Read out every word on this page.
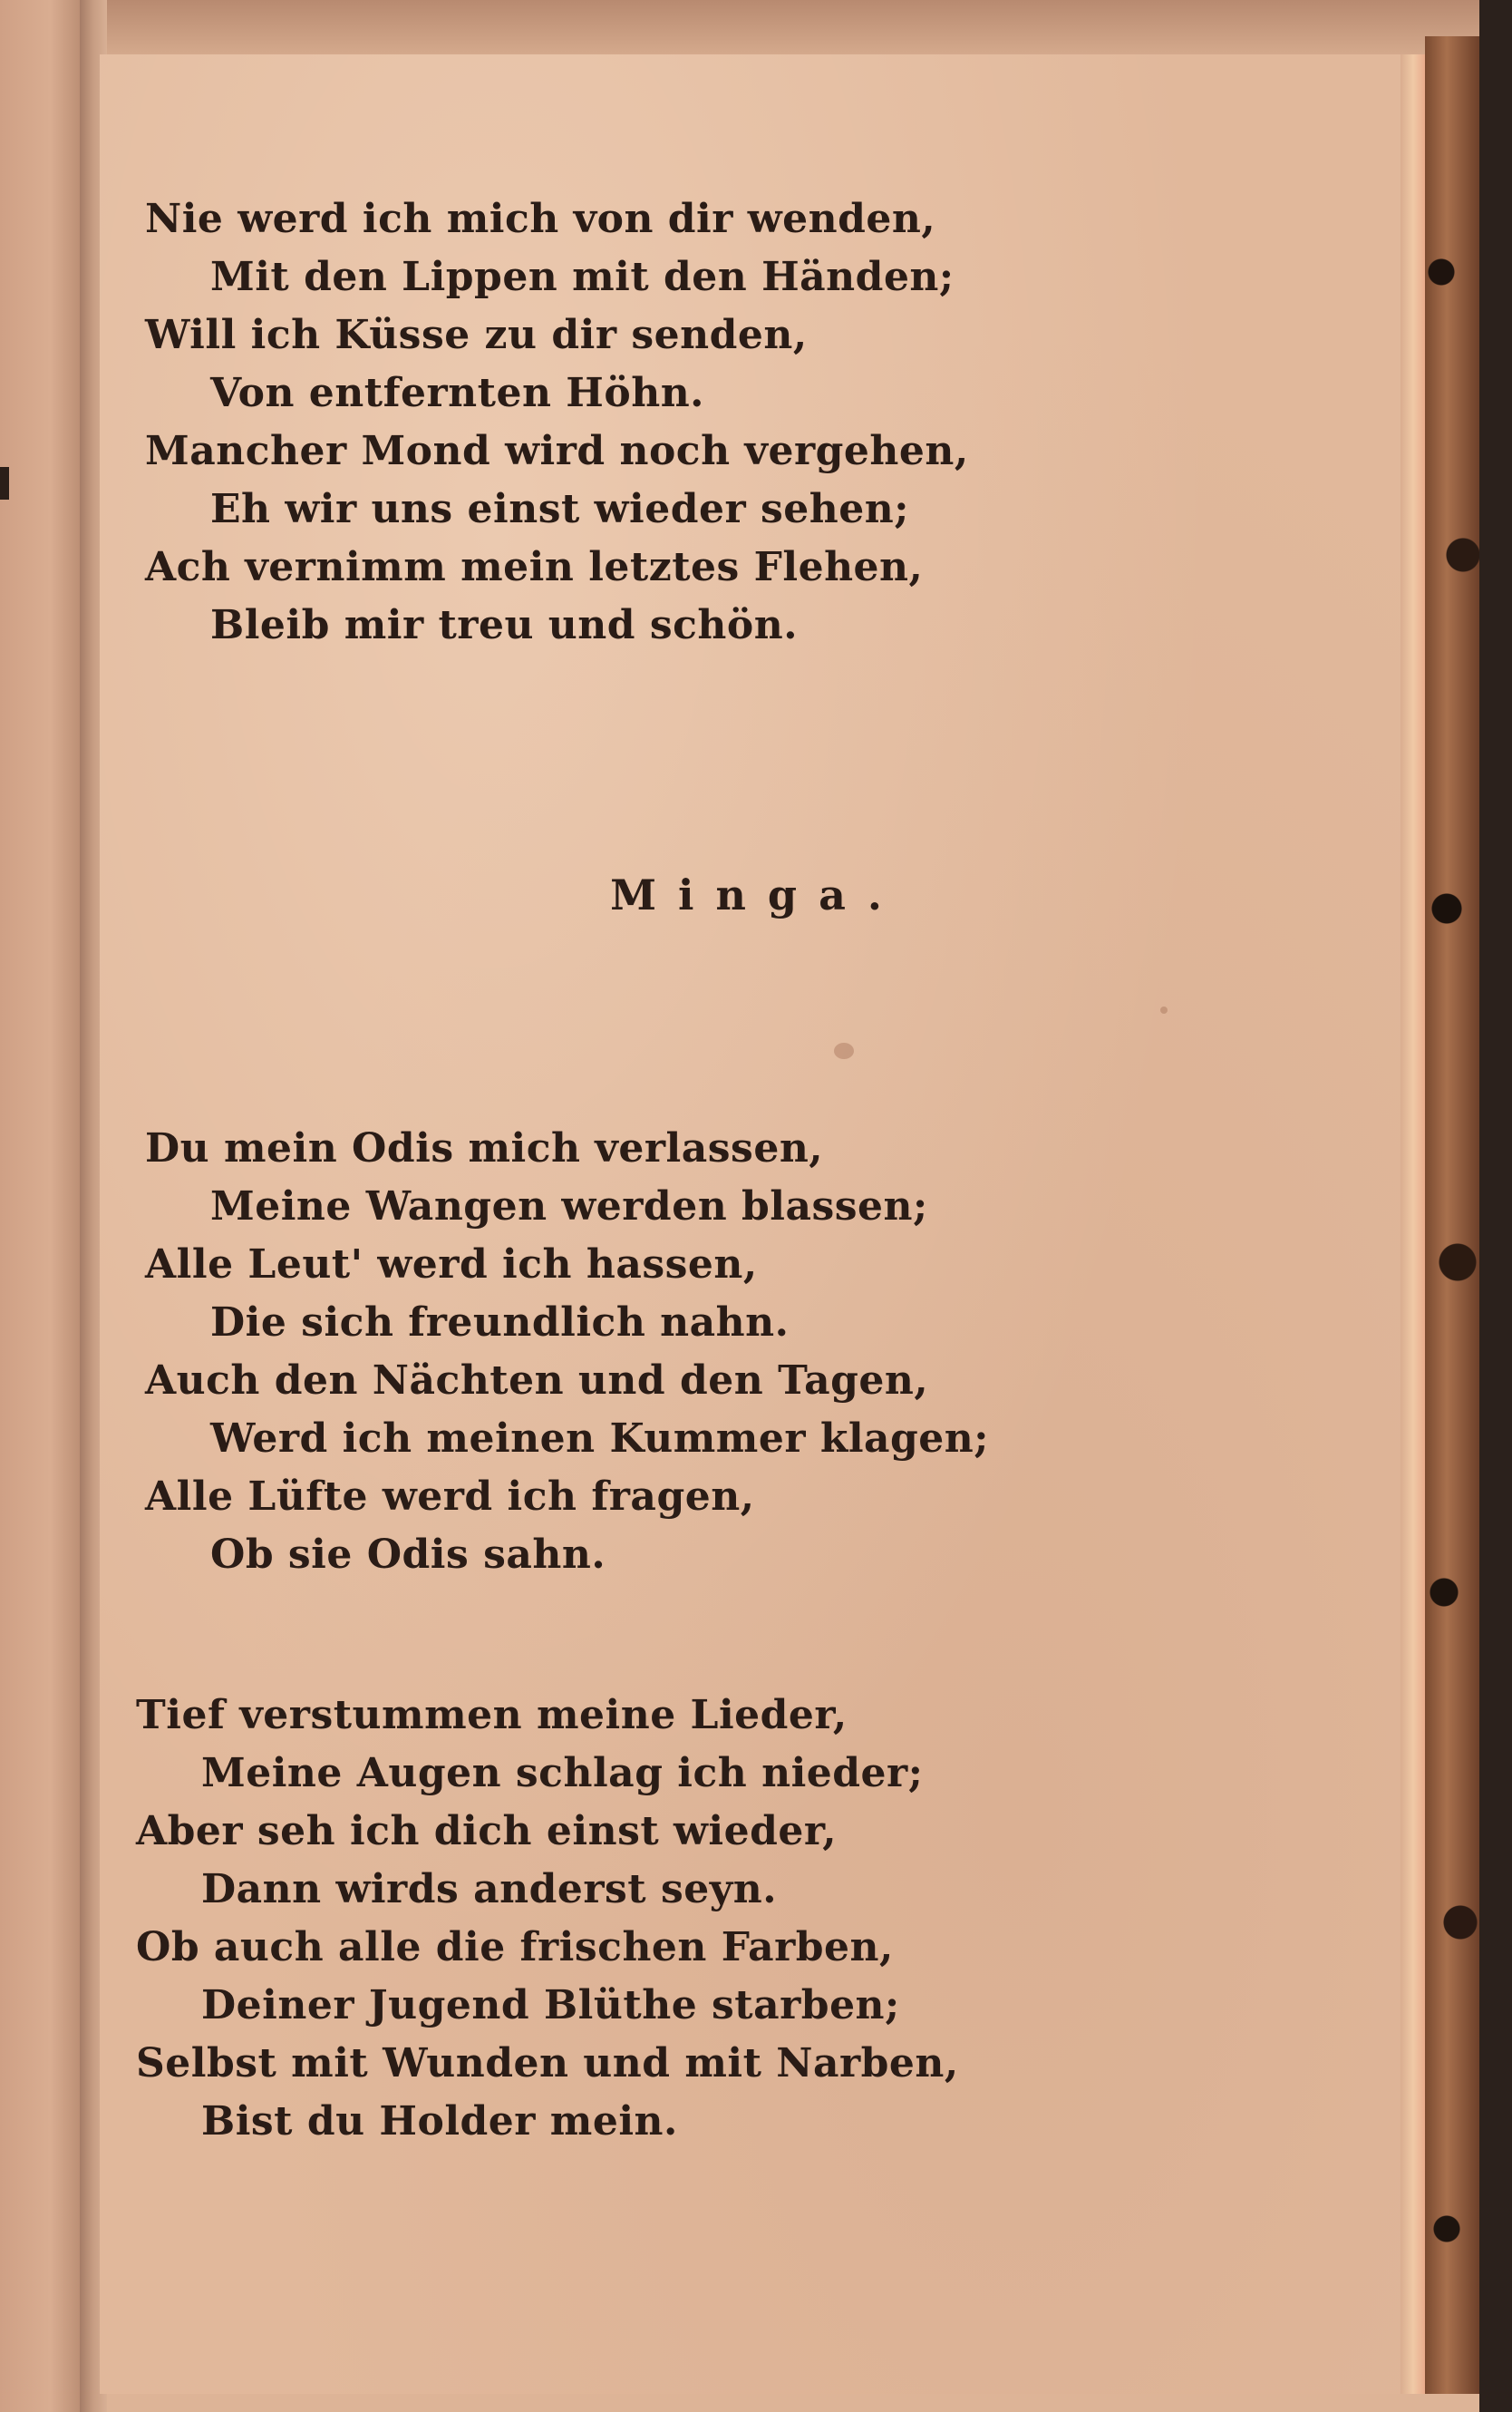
Nie werd ich mich von dir wenden,
Mit den Lippen mit den Händen;
Will ich Küsse zu dir senden,
Von entfernten Höhn.
Mancher Mond wird noch vergehen,
Eh wir uns einst wieder sehen;
Ach vernimm mein letztes Flehen,
Bleib mir treu und schön.
Minga.
Du mein Odis mich verlassen,
Meine Wangen werden blassen;
Alle Leut' werd ich hassen,
Die sich freundlich nahn.
Auch den Nächten und den Tagen,
Werd ich meinen Kummer klagen;
Alle Lüfte werd ich fragen,
Ob sie Odis sahn.
Tief verstummen meine Lieder,
Meine Augen schlag ich nieder;
Aber seh ich dich einst wieder,
Dann wirds anderst seyn.
Ob auch alle die frischen Farben,
Deiner Jugend Blüthe starben;
Selbst mit Wunden und mit Narben,
Bist du Holder mein.
